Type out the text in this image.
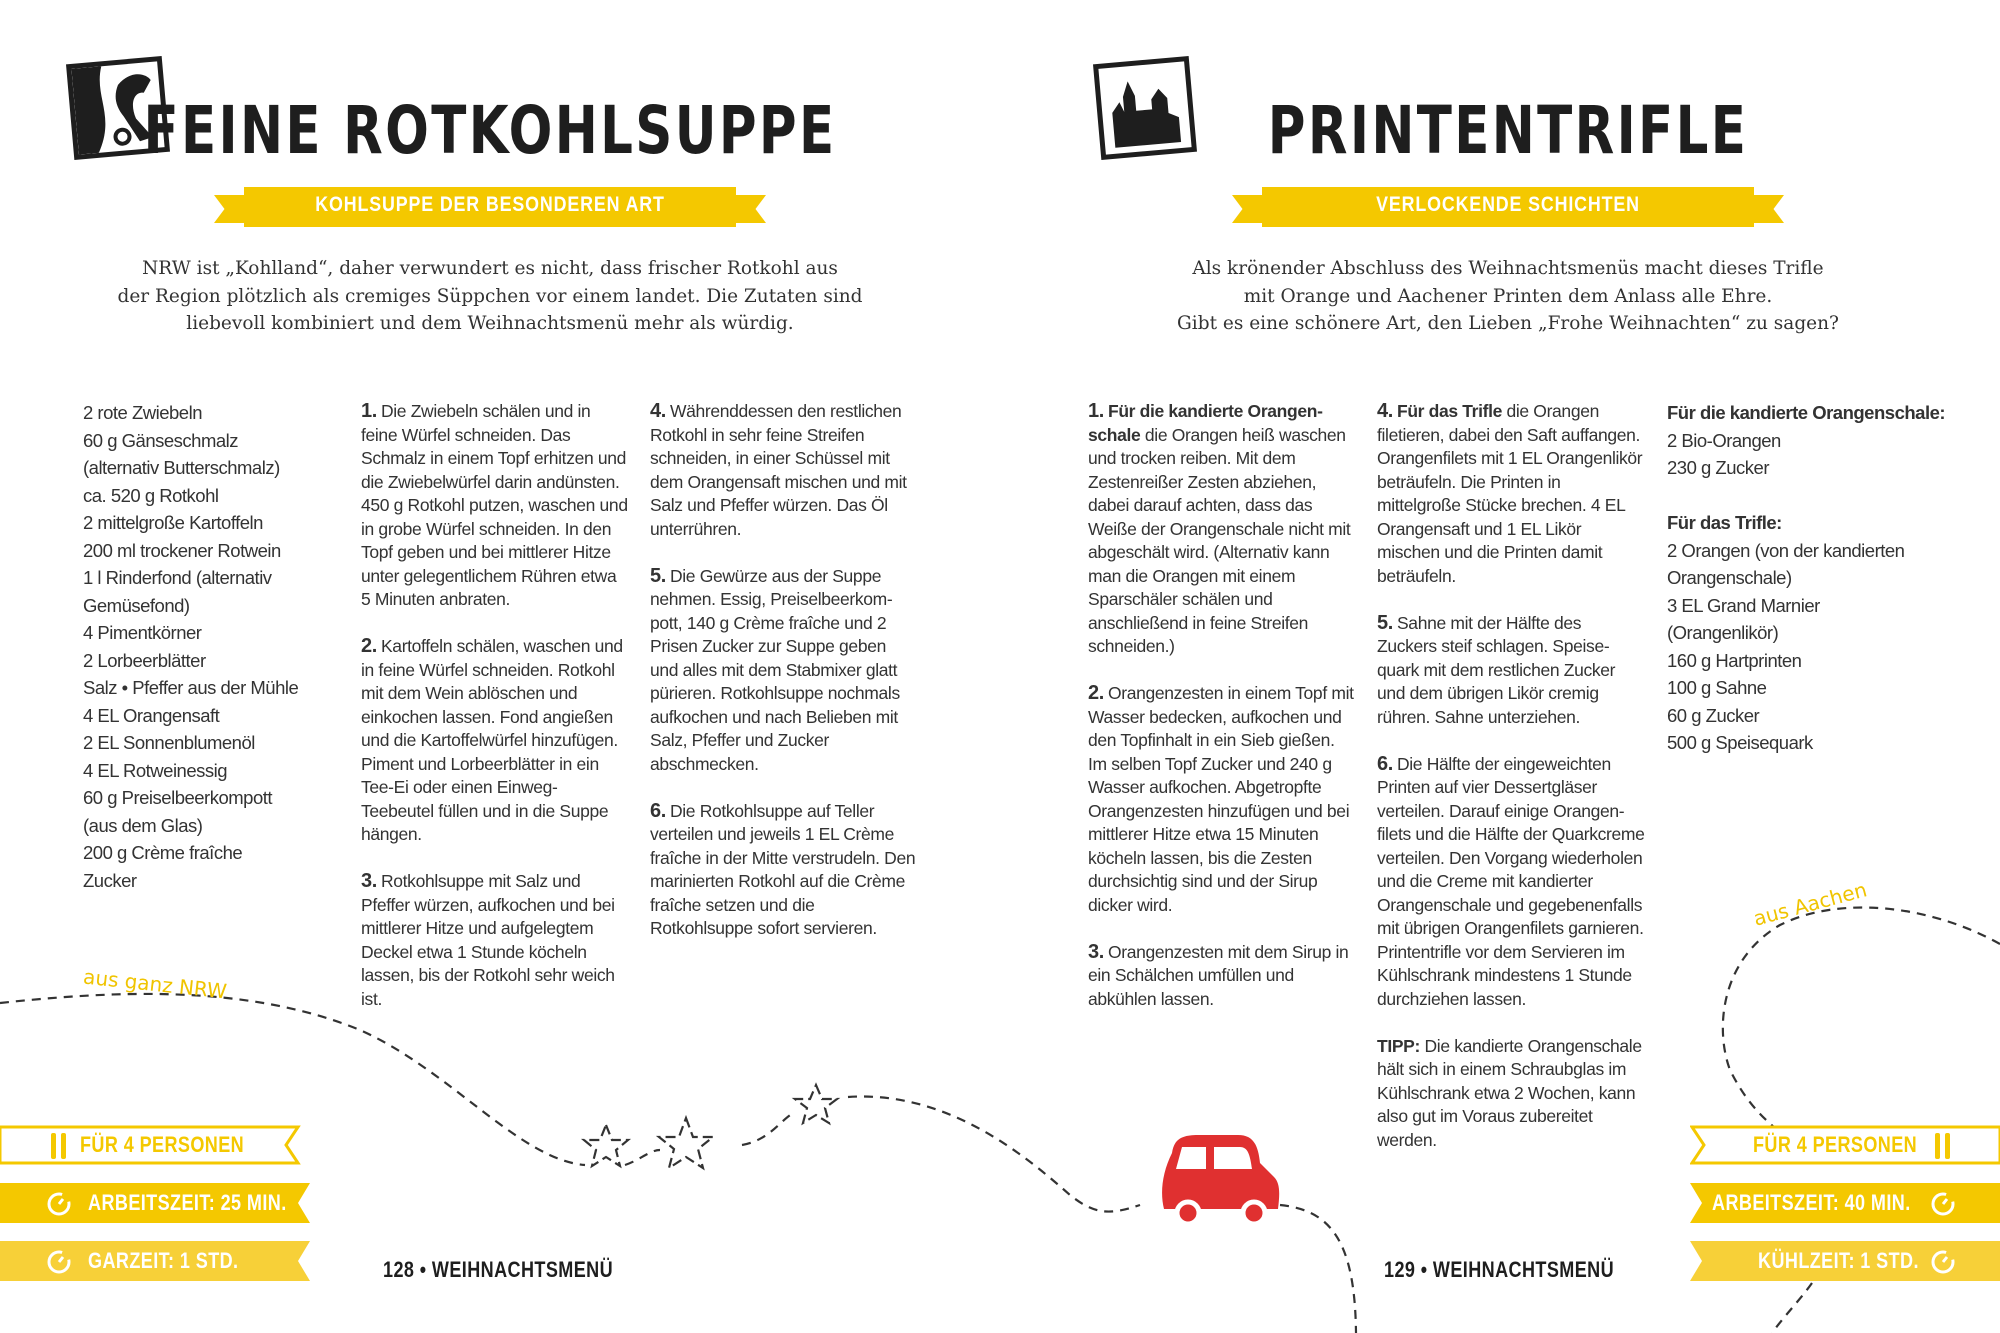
FEINE ROTKOHLSUPPE
KOHLSUPPE DER BESONDEREN ART
NRW ist „Kohlland“, daher verwundert es nicht, dass frischer Rotkohl aus
der Region plötzlich als cremiges Süppchen vor einem landet. Die Zutaten sind
liebevoll kombiniert und dem Weihnachtsmenü mehr als würdig.
2 rote Zwiebeln
60 g Gänseschmalz
(alternativ Butterschmalz)
ca. 520 g Rotkohl
2 mittelgroße Kartoffeln
200 ml trockener Rotwein
1 l Rinderfond (alternativ
Gemüsefond)
4 Pimentkörner
2 Lorbeerblätter
Salz • Pfeffer aus der Mühle
4 EL Orangensaft
2 EL Sonnenblumenöl
4 EL Rotweinessig
60 g Preiselbeerkompott
(aus dem Glas)
200 g Crème fraîche
Zucker
1. Die Zwiebeln schälen und in feine Würfel schneiden. Das Schmalz in einem Topf erhitzen und die Zwiebelwürfel darin andünsten. 450 g Rotkohl putzen, waschen und in grobe Würfel schneiden. In den Topf geben und bei mittlerer Hitze unter gelegentlichem Rühren etwa 5 Minuten anbraten.
2. Kartoffeln schälen, waschen und in feine Würfel schneiden. Rotkohl mit dem Wein ablöschen und einkochen lassen. Fond angießen und die Kartoffelwürfel hinzufügen. Piment und Lorbeerblätter in ein Tee-Ei oder einen Einweg-Teebeutel füllen und in die Suppe hängen.
3. Rotkohlsuppe mit Salz und Pfeffer würzen, aufkochen und bei mittlerer Hitze und aufgelegtem Deckel etwa 1 Stunde köcheln lassen, bis der Rotkohl sehr weich ist.
4. Währenddessen den restlichen Rotkohl in sehr feine Streifen schneiden, in einer Schüssel mit dem Orangensaft mischen und mit Salz und Pfeffer würzen. Das Öl unterrühren.
5. Die Gewürze aus der Suppe nehmen. Essig, Preiselbeerkompott, 140 g Crème fraîche und 2 Prisen Zucker zur Suppe geben und alles mit dem Stabmixer glatt pürieren. Rotkohlsuppe nochmals aufkochen und nach Belieben mit Salz, Pfeffer und Zucker abschmecken.
6. Die Rotkohlsuppe auf Teller verteilen und jeweils 1 EL Crème fraîche in der Mitte verstrudeln. Den marinierten Rotkohl auf die Crème fraîche setzen und die Rotkohlsuppe sofort servieren.
aus ganz NRW
FÜR 4 PERSONEN
ARBEITSZEIT: 25 MIN.
GARZEIT: 1 STD.	128 • WEIHNACHTSMENÜ
PRINTENTRIFLE
VERLOCKENDE SCHICHTEN
Als krönender Abschluss des Weihnachtsmenüs macht dieses Trifle
mit Orange und Aachener Printen dem Anlass alle Ehre.
Gibt es eine schönere Art, den Lieben „Frohe Weihnachten“ zu sagen?
1. Für die kandierte Orangenschale die Orangen heiß waschen und trocken reiben. Mit dem Zestenreißer Zesten abziehen, dabei darauf achten, dass das Weiße der Orangenschale nicht mit abgeschält wird. (Alternativ kann man die Orangen mit einem Sparschäler schälen und anschließend in feine Streifen schneiden.)
2. Orangenzesten in einem Topf mit Wasser bedecken, aufkochen und den Topfinhalt in ein Sieb gießen. Im selben Topf Zucker und 240 g Wasser aufkochen. Abgetropfte Orangenzesten hinzufügen und bei mittlerer Hitze etwa 15 Minuten köcheln lassen, bis die Zesten durchsichtig sind und der Sirup dicker wird.
3. Orangenzesten mit dem Sirup in ein Schälchen umfüllen und abkühlen lassen.
4. Für das Trifle die Orangen filetieren, dabei den Saft auffangen. Orangenfilets mit 1 EL Orangenlikör beträufeln. Die Printen in mittelgroße Stücke brechen. 4 EL Orangensaft und 1 EL Likör mischen und die Printen damit beträufeln.
5. Sahne mit der Hälfte des Zuckers steif schlagen. Speisequark mit dem restlichen Zucker und dem übrigen Likör cremig rühren. Sahne unterziehen.
6. Die Hälfte der eingeweichten Printen auf vier Dessertgläser verteilen. Darauf einige Orangenfilets und die Hälfte der Quarkcreme verteilen. Den Vorgang wiederholen und die Creme mit kandierter Orangenschale und gegebenenfalls mit übrigen Orangenfilets garnieren. Printentrifle vor dem Servieren im Kühlschrank mindestens 1 Stunde durchziehen lassen.
TIPP: Die kandierte Orangenschale hält sich in einem Schraubglas im Kühlschrank etwa 2 Wochen, kann also gut im Voraus zubereitet werden.
Für die kandierte Orangenschale:
2 Bio-Orangen
230 g Zucker
Für das Trifle:
2 Orangen (von der kandierten
Orangenschale)
3 EL Grand Marnier
(Orangenlikör)
160 g Hartprinten
100 g Sahne
60 g Zucker
500 g Speisequark
aus Aachen
FÜR 4 PERSONEN
ARBEITSZEIT: 40 MIN.
KÜHLZEIT: 1 STD.
129 • WEIHNACHTSMENÜ
